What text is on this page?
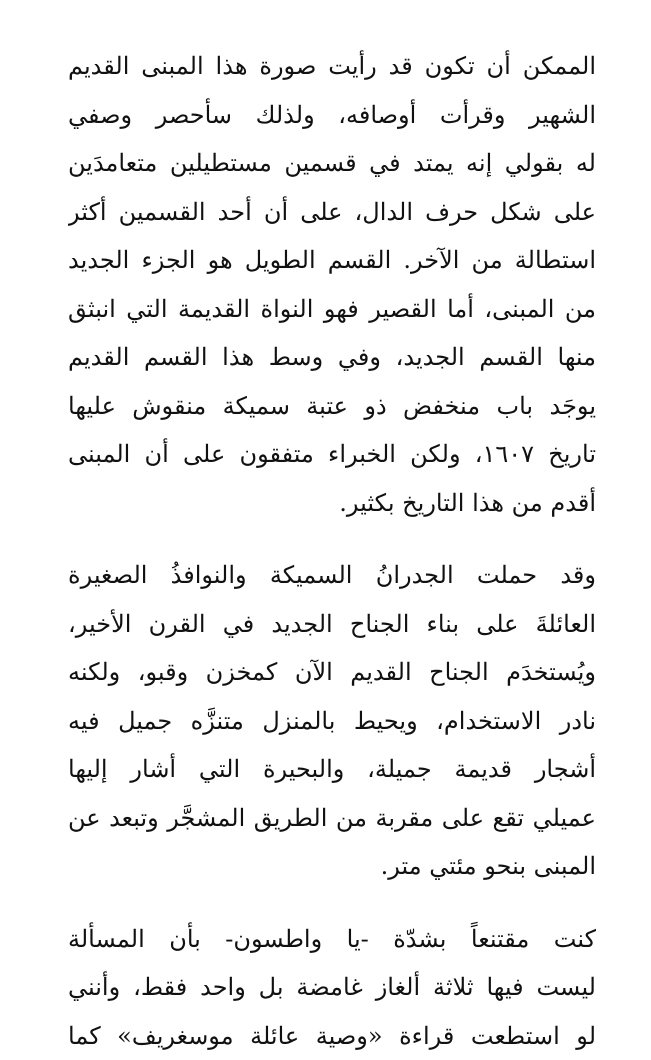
الممكن أن تكون قد رأيت صورة هذا المبنى القديم
الشهير وقرأت أوصافه، ولذلك سأحصر وصفي
له بقولي إنه يمتد في قسمين مستطيلين متعامدَين
على شكل حرف الدال، على أن أحد القسمين أكثر
استطالة من الآخر. القسم الطويل هو الجزء الجديد
من المبنى، أما القصير فهو النواة القديمة التي انبثق
منها القسم الجديد، وفي وسط هذا القسم القديم
يوجَد باب منخفض ذو عتبة سميكة منقوش عليها
تاريخ ١٦٠٧، ولكن الخبراء متفقون على أن المبنى
أقدم من هذا التاريخ بكثير.
وقد حملت الجدرانُ السميكة والنوافذُ الصغيرة
العائلةَ على بناء الجناح الجديد في القرن الأخير،
ويُستخدَم الجناح القديم الآن كمخزن وقبو، ولكنه
نادر الاستخدام، ويحيط بالمنزل متنزَّه جميل فيه
أشجار قديمة جميلة، والبحيرة التي أشار إليها
عميلي تقع على مقربة من الطريق المشجَّر وتبعد عن
المبنى بنحو مئتي متر.
كنت مقتنعاً بشدّة -يا واطسون- بأن المسألة
ليست فيها ثلاثة ألغاز غامضة بل واحد فقط، وأنني
لو استطعت قراءة «وصية عائلة موسغريف» كما
